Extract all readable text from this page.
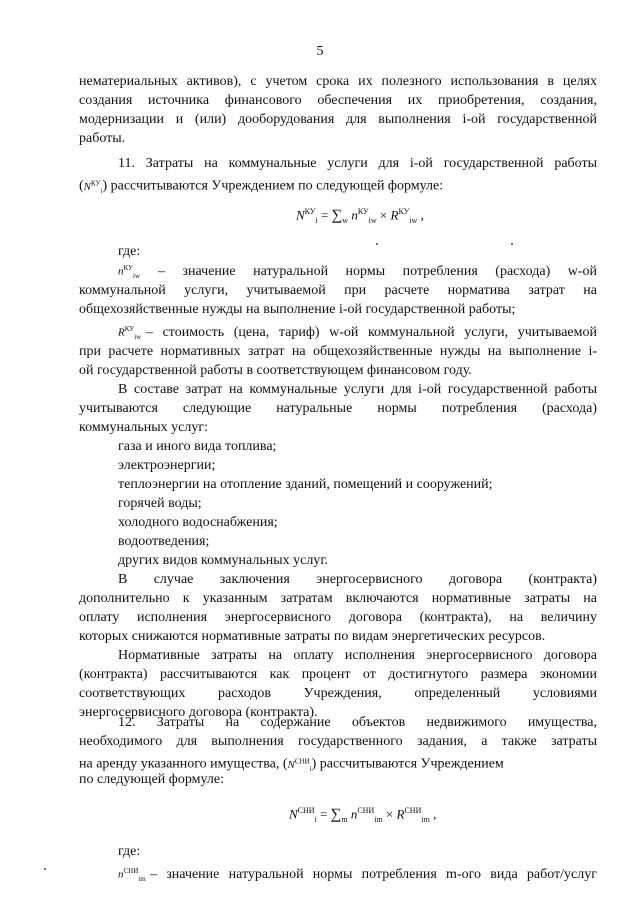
5
нематериальных активов), с учетом срока их полезного использования в целях
создания источника финансового обеспечения их приобретения, создания,
модернизации и (или) дооборудования для выполнения i-ой государственной
работы.
11. Затраты на коммунальные услуги для i-ой государственной работы
$(N^{КУ}_i)$ рассчитываются Учреждением по следующей формуле:
$N^{КУ}_i = \sum_w$ $n^{КУ}_{iw} \times R^{КУ}_{iw}$ ,
где:
$n^{КУ}_{iw}$ – значение натуральной нормы потребления (расхода) w-ой
коммунальной услуги, учитываемой при расчете норматива затрат на
общехозяйственные нужды на выполнение i-ой государственной работы;
$R^{КУ}_{iw}$ – стоимость (цена, тариф) w-ой коммунальной услуги, учитываемой
при расчете нормативных затрат на общехозяйственные нужды на выполнение i-
ой государственной работы в соответствующем финансовом году.
В составе затрат на коммунальные услуги для i-ой государственной работы
учитываются следующие натуральные нормы потребления (расхода)
коммунальных услуг:
газа и иного вида топлива;
электроэнергии;
теплоэнергии на отопление зданий, помещений и сооружений;
горячей воды;
холодного водоснабжения;
водоотведения;
других видов коммунальных услуг.
В случае заключения энергосервисного договора (контракта)
дополнительно к указанным затратам включаются нормативные затраты на
оплату исполнения энергосервисного договора (контракта), на величину
которых снижаются нормативные затраты по видам энергетических ресурсов.
Нормативные затраты на оплату исполнения энергосервисного договора
(контракта) рассчитываются как процент от достигнутого размера экономии
соответствующих расходов Учреждения, определенный условиями
энергосервисного договора (контракта).
12. Затраты на содержание объектов недвижимого имущества,
необходимого для выполнения государственного задания, а также затраты
на аренду указанного имущества, $(N^{СНИ}_i)$ рассчитываются Учреждением
по следующей формуле:
$N^{СНИ}_i = \sum_m$ $n^{СНИ}_{im} \times R^{СНИ}_{im}$ ,
где:
$n^{СНИ}_{im}$ – значение натуральной нормы потребления m-ого вида работ/услуг
